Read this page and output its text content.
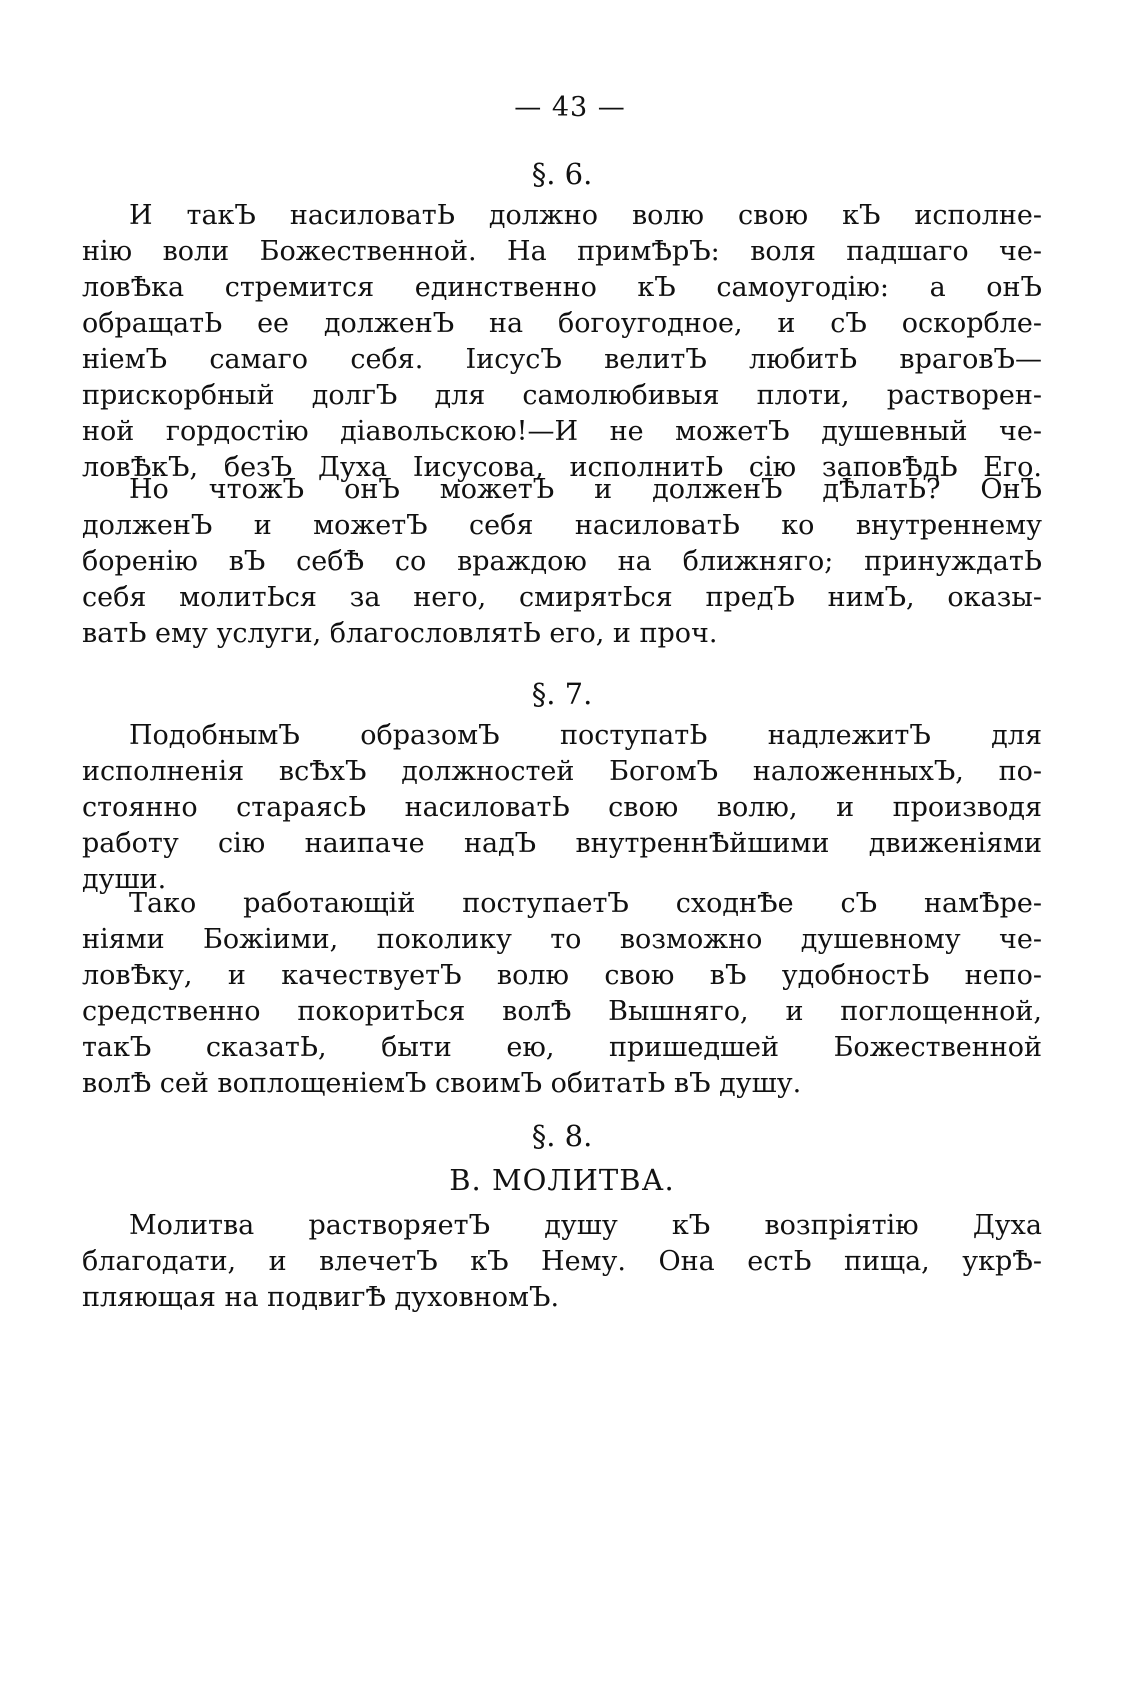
— 43 —
§. 6.
И такЪ насиловатЬ должно волю свою кЪ исполне-
нію воли Божественной. На примѢрЪ: воля падшаго че-
ловѢка стремится единственно кЪ самоугодію: а онЪ
обращатЬ ее долженЪ на богоугодное, и сЪ оскорбле-
ніемЪ самаго себя. ІисусЪ велитЪ любитЬ враговЪ—
прискорбный долгЪ для самолюбивыя плоти, растворен-
ной гордостію діавольскою!—И не можетЪ душевный че-
ловѢкЪ, безЪ Духа Іисусова, исполнитЬ сію заповѢдЬ Его.
Но чтожЪ онЪ можетЪ и долженЪ дѢлатЬ? ОнЪ
долженЪ и можетЪ себя насиловатЬ ко внутреннему
боренію вЪ себѢ со враждою на ближняго; принуждатЬ
себя молитЬся за него, смирятЬся предЪ нимЪ, оказы-
ватЬ ему услуги, благословлятЬ его, и проч.
§. 7.
ПодобнымЪ образомЪ поступатЬ надлежитЪ для
исполненія всѢхЪ должностей БогомЪ наложенныхЪ, по-
стоянно стараясЬ насиловатЬ свою волю, и производя
работу сію наипаче надЪ внутреннѢйшими движеніями
души.
Тако работающій поступаетЪ сходнѢе сЪ намѢре-
ніями Божіими, поколику то возможно душевному че-
ловѢку, и качествуетЪ волю свою вЪ удобностЬ непо-
средственно покоритЬся волѢ Вышняго, и поглощенной,
такЪ сказатЬ, быти ею, пришедшей Божественной
волѢ сей воплощеніемЪ своимЪ обитатЬ вЪ душу.
§. 8.
В. МОЛИТВА.
Молитва растворяетЪ душу кЪ возпріятію Духа
благодати, и влечетЪ кЪ Нему. Она естЬ пища, укрѢ-
пляющая на подвигѢ духовномЪ.
